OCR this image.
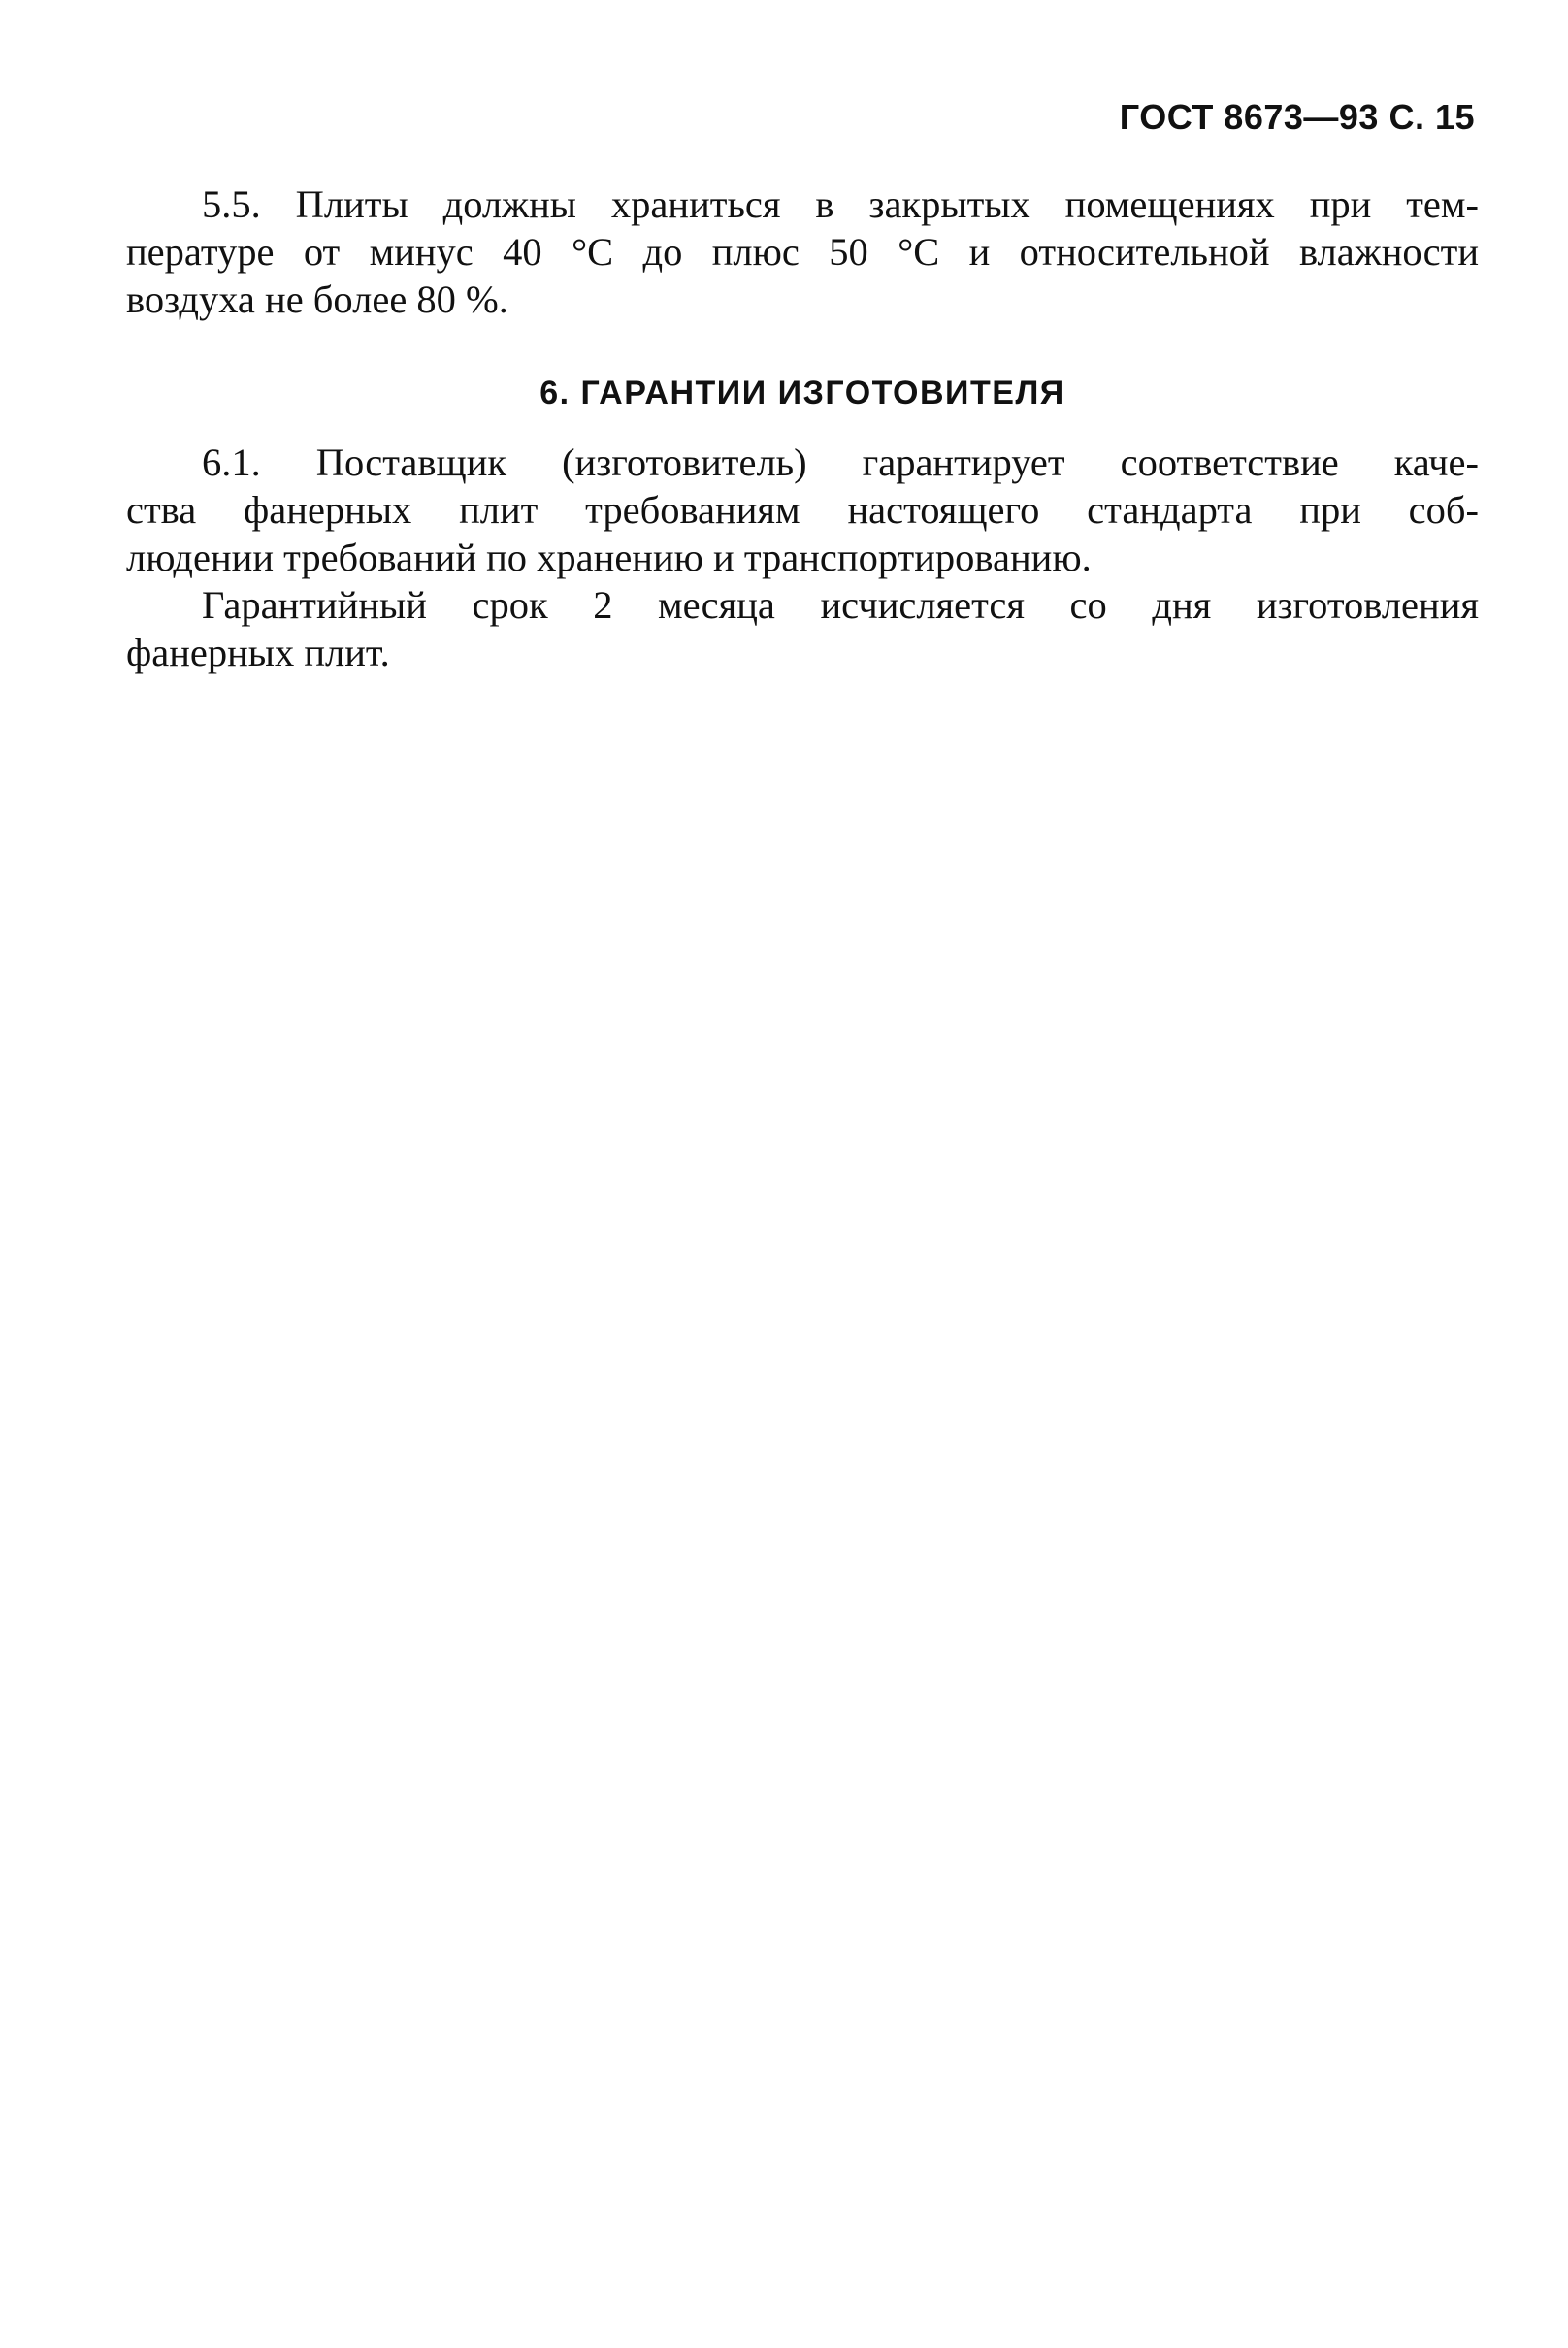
ГОСТ 8673—93 С. 15
5.5. Плиты должны храниться в закрытых помещениях при тем-
пературе от минус 40 °С до плюс 50 °С и относительной влажности
воздуха не более 80 %.
6. ГАРАНТИИ ИЗГОТОВИТЕЛЯ
6.1. Поставщик (изготовитель) гарантирует соответствие каче-
ства фанерных плит требованиям настоящего стандарта при соб-
людении требований по хранению и транспортированию.
Гарантийный срок 2 месяца исчисляется со дня изготовления
фанерных плит.
